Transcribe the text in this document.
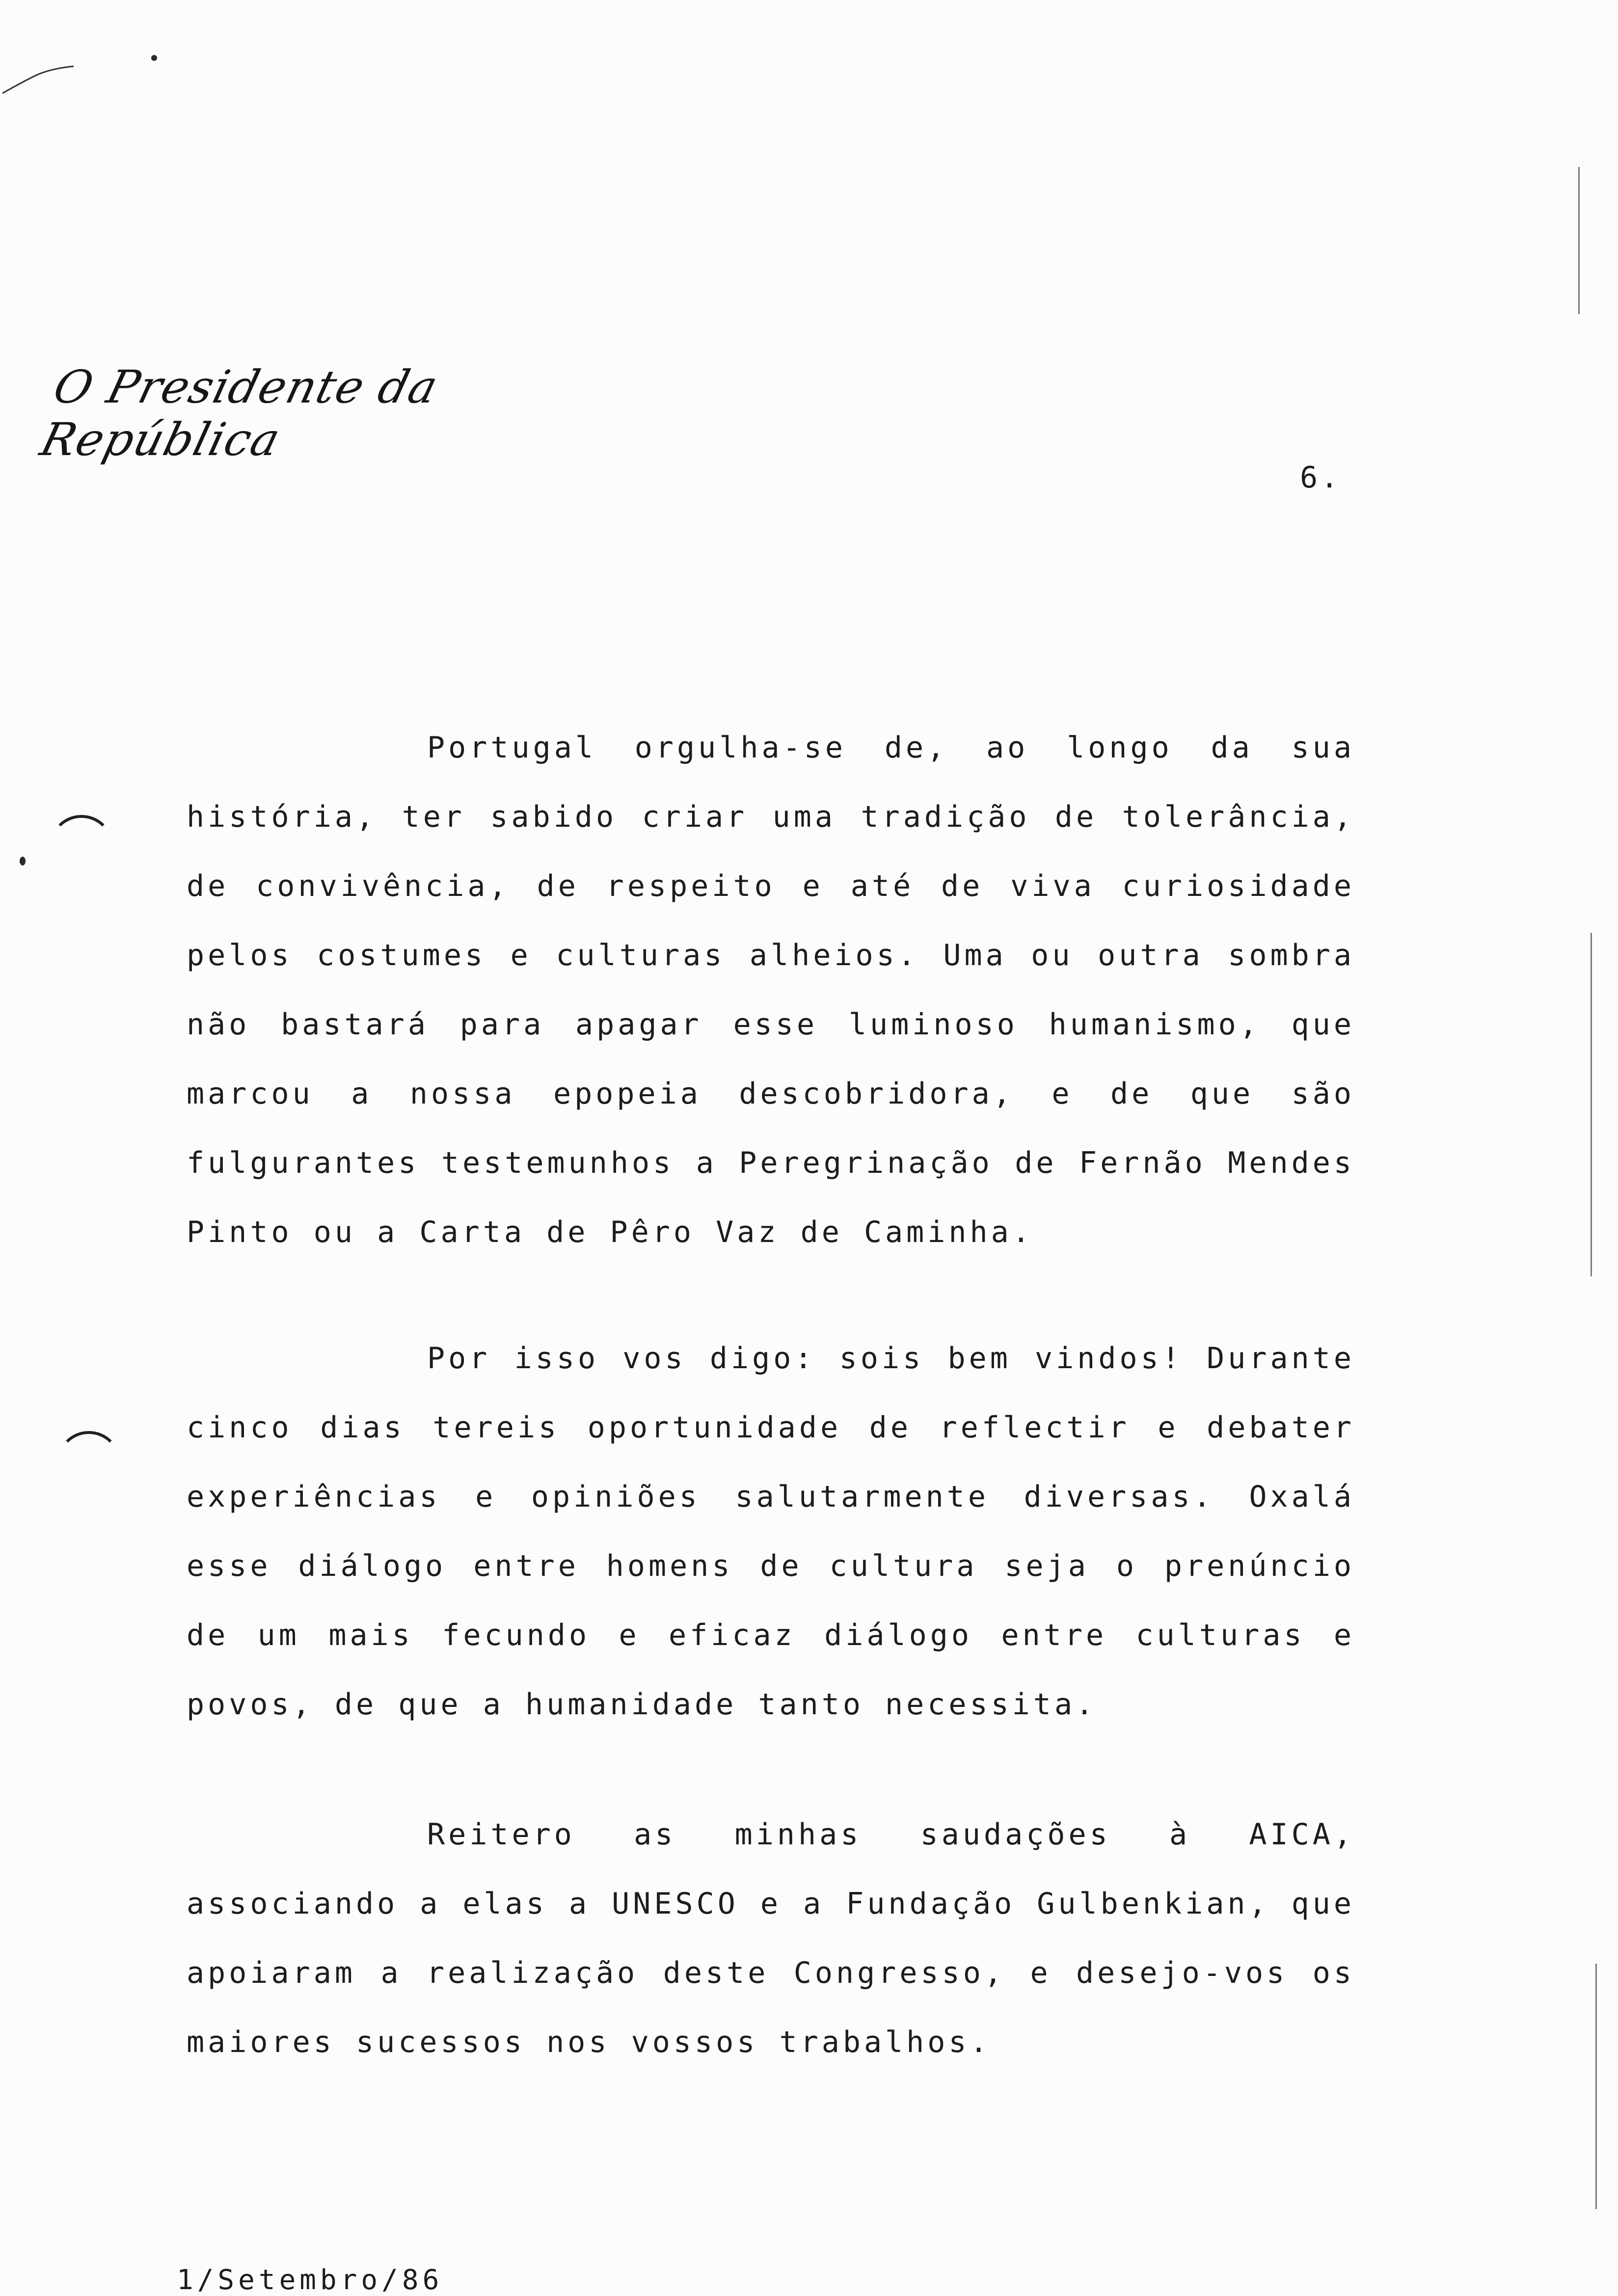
O Presidente da República
6.

Portugal orgulha-se de, ao longo da sua história, ter sabido criar uma tradição de tolerância, de convivência, de respeito e até de viva curiosidade pelos costumes e culturas alheios. Uma ou outra sombra não bastará para apagar esse luminoso humanismo, que marcou a nossa epopeia descobridora, e de que são fulgurantes testemunhos a Peregrinação de Fernão Mendes Pinto ou a Carta de Pêro Vaz de Caminha.

Por isso vos digo: sois bem vindos! Durante cinco dias tereis oportunidade de reflectir e debater experiências e opiniões salutarmente diversas. Oxalá esse diálogo entre homens de cultura seja o prenúncio de um mais fecundo e eficaz diálogo entre culturas e povos, de que a humanidade tanto necessita.

Reitero as minhas saudações à AICA, associando a elas a UNESCO e a Fundação Gulbenkian, que apoiaram a realização deste Congresso, e desejo-vos os maiores sucessos nos vossos trabalhos.

1/Setembro/86
